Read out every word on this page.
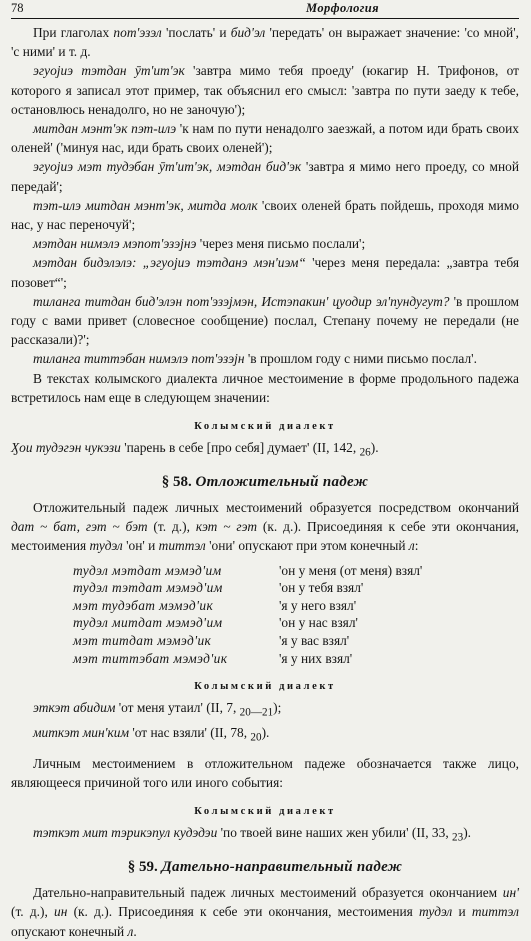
78	Морфология

При глаголах пот'эзэл 'послать' и бид'эл 'передать' он выражает значение: 'со мной', 'с ними' и т. д.

эгуојиэ тэтдан ӯт'ит'эк 'завтра мимо тебя проеду' (юкагир Н. Трифонов, от которого я записал этот пример, так объяснил его смысл: 'завтра по пути заеду к тебе, остановлюсь ненадолго, но не заночую');

митдан мэнт'эк пэт-илэ 'к нам по пути ненадолго заезжай, а потом иди брать своих оленей' ('минуя нас, иди брать своих оленей');

эгуојиэ мэт тудэбан ӯт'ит'эк, мэтдан бид'эк 'завтра я мимо него проеду, со мной передай';

тэт-илэ митдан мэнт'эк, митда молк 'своих оленей брать пойдешь, проходя мимо нас, у нас переночуй';

мэтдан нимэлэ мэпот'эзэјнэ 'через меня письмо послали';

мэтдан бидэлэлэ: „эгуојиэ тэтданэ мэн'иэм“ 'через меня передала: „завтра тебя позовет“';

тиланга титдан бид'элэн пот'эзэјмэн, Истэпакин' цуодир эл'пундугут? 'в прошлом году с вами привет (словесное сообщение) послал, Степану почему не передали (не рассказали)?';

тиланга титтэбан нимэлэ пот'эзэјн 'в прошлом году с ними письмо послал'.

В текстах колымского диалекта личное местоимение в форме продольного падежа встретилось нам еще в следующем значении:

Колымский диалект

Ӽои тудэгэн чукэзи 'парень в себе [про себя] думает' (II, 142, $_{26}$).

§ 58. Отложительный падеж

Отложительный падеж личных местоимений образуется посредством окончаний дат ~ бат, гэт ~ бэт (т. д.), кэт ~ гэт (к. д.). Присоединяя к себе эти окончания, местоимения тудэл 'он' и титтэл 'они' опускают при этом конечный л:

тудэл мэтдат мэмэд'им	'он у меня (от меня) взял'
тудэл тэтдат мэмэд'им	'он у тебя взял'
мэт тудэбат мэмэд'ик	'я у него взял'
тудэл митдат мэмэд'им	'он у нас взял'
мэт титдат мэмэд'ик	'я у вас взял'
мэт титтэбат мэмэд'ик	'я у них взял'
Колымский диалект

эткэт абидим 'от меня утаил' (II, 7, $_{20—21}$);

миткэт мин'ким 'от нас взяли' (II, 78, $_{20}$).

Личным местоимением в отложительном падеже обозначается также лицо, являющееся причиной того или иного события:

Колымский диалект

тэткэт мит тэрикэпул кудэдэи 'по твоей вине наших жен убили' (II, 33, $_{23}$).

§ 59. Дательно-направительный падеж

Дательно-направительный падеж личных местоимений образуется окончанием ин' (т. д.), ин (к. д.). Присоединяя к себе эти окончания, местоимения тудэл и титтэл опускают конечный л.
